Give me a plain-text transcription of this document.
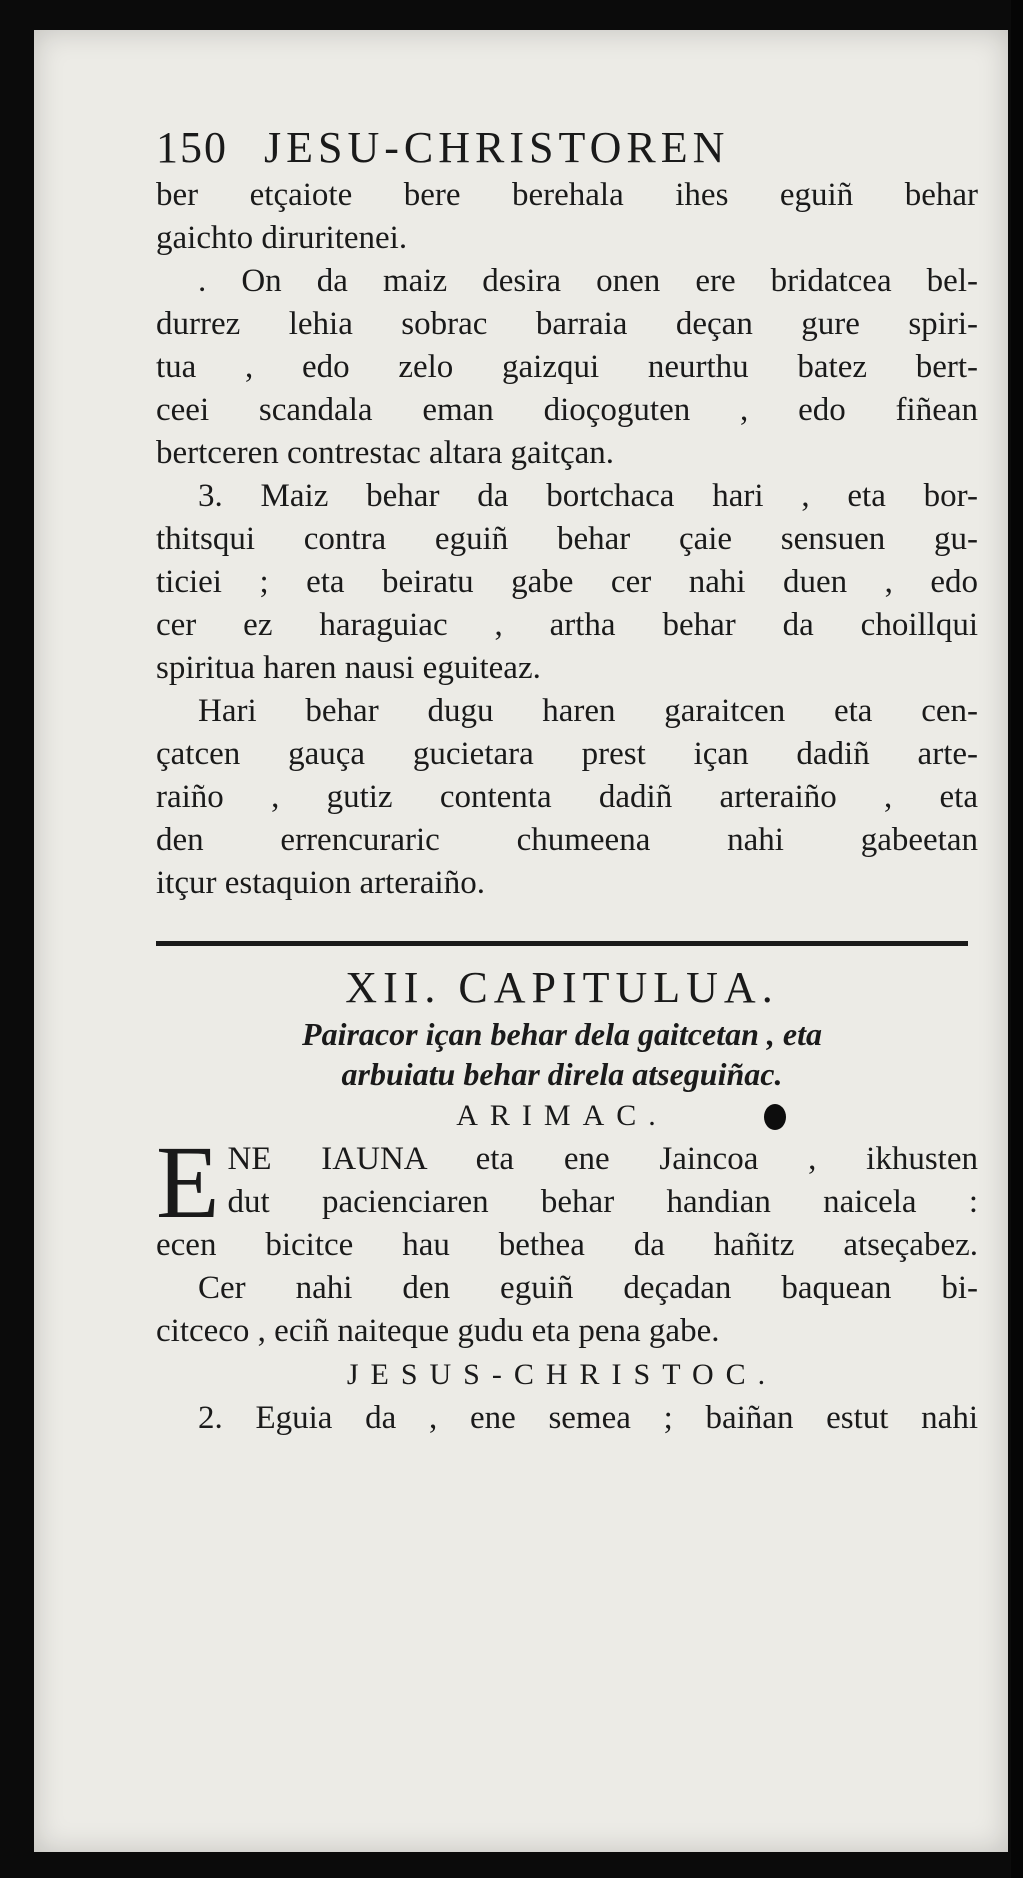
150 JESU-CHRISTOREN
ber etçaiote bere berehala ihes eguiñ behar
gaichto diruritenei.
. On da maiz desira onen ere bridatcea bel-
durrez lehia sobrac barraia deçan gure spiri-
tua , edo zelo gaizqui neurthu batez bert-
ceei scandala eman dioçoguten , edo fiñean
bertceren contrestac altara gaitçan.
3. Maiz behar da bortchaca hari , eta bor-
thitsqui contra eguiñ behar çaie sensuen gu-
ticiei ; eta beiratu gabe cer nahi duen , edo
cer ez haraguiac , artha behar da choillqui
spiritua haren nausi eguiteaz.
Hari behar dugu haren garaitcen eta cen-
çatcen gauça gucietara prest içan dadiñ arte-
raiño , gutiz contenta dadiñ arteraiño , eta
den errencuraric chumeena nahi gabeetan
itçur estaquion arteraiño.
XII. CAPITULUA.
Pairacor içan behar dela gaitcetan , eta
arbuiatu behar direla atseguiñac.
ARIMAC.
E NE IAUNA eta ene Jaincoa , ikhusten
dut pacienciaren behar handian naicela :
ecen bicitce hau bethea da hañitz atseçabez.
Cer nahi den eguiñ deçadan baquean bi-
citceco , eciñ naiteque gudu eta pena gabe.
JESUS-CHRISTOC.
2. Eguia da , ene semea ; baiñan estut nahi
